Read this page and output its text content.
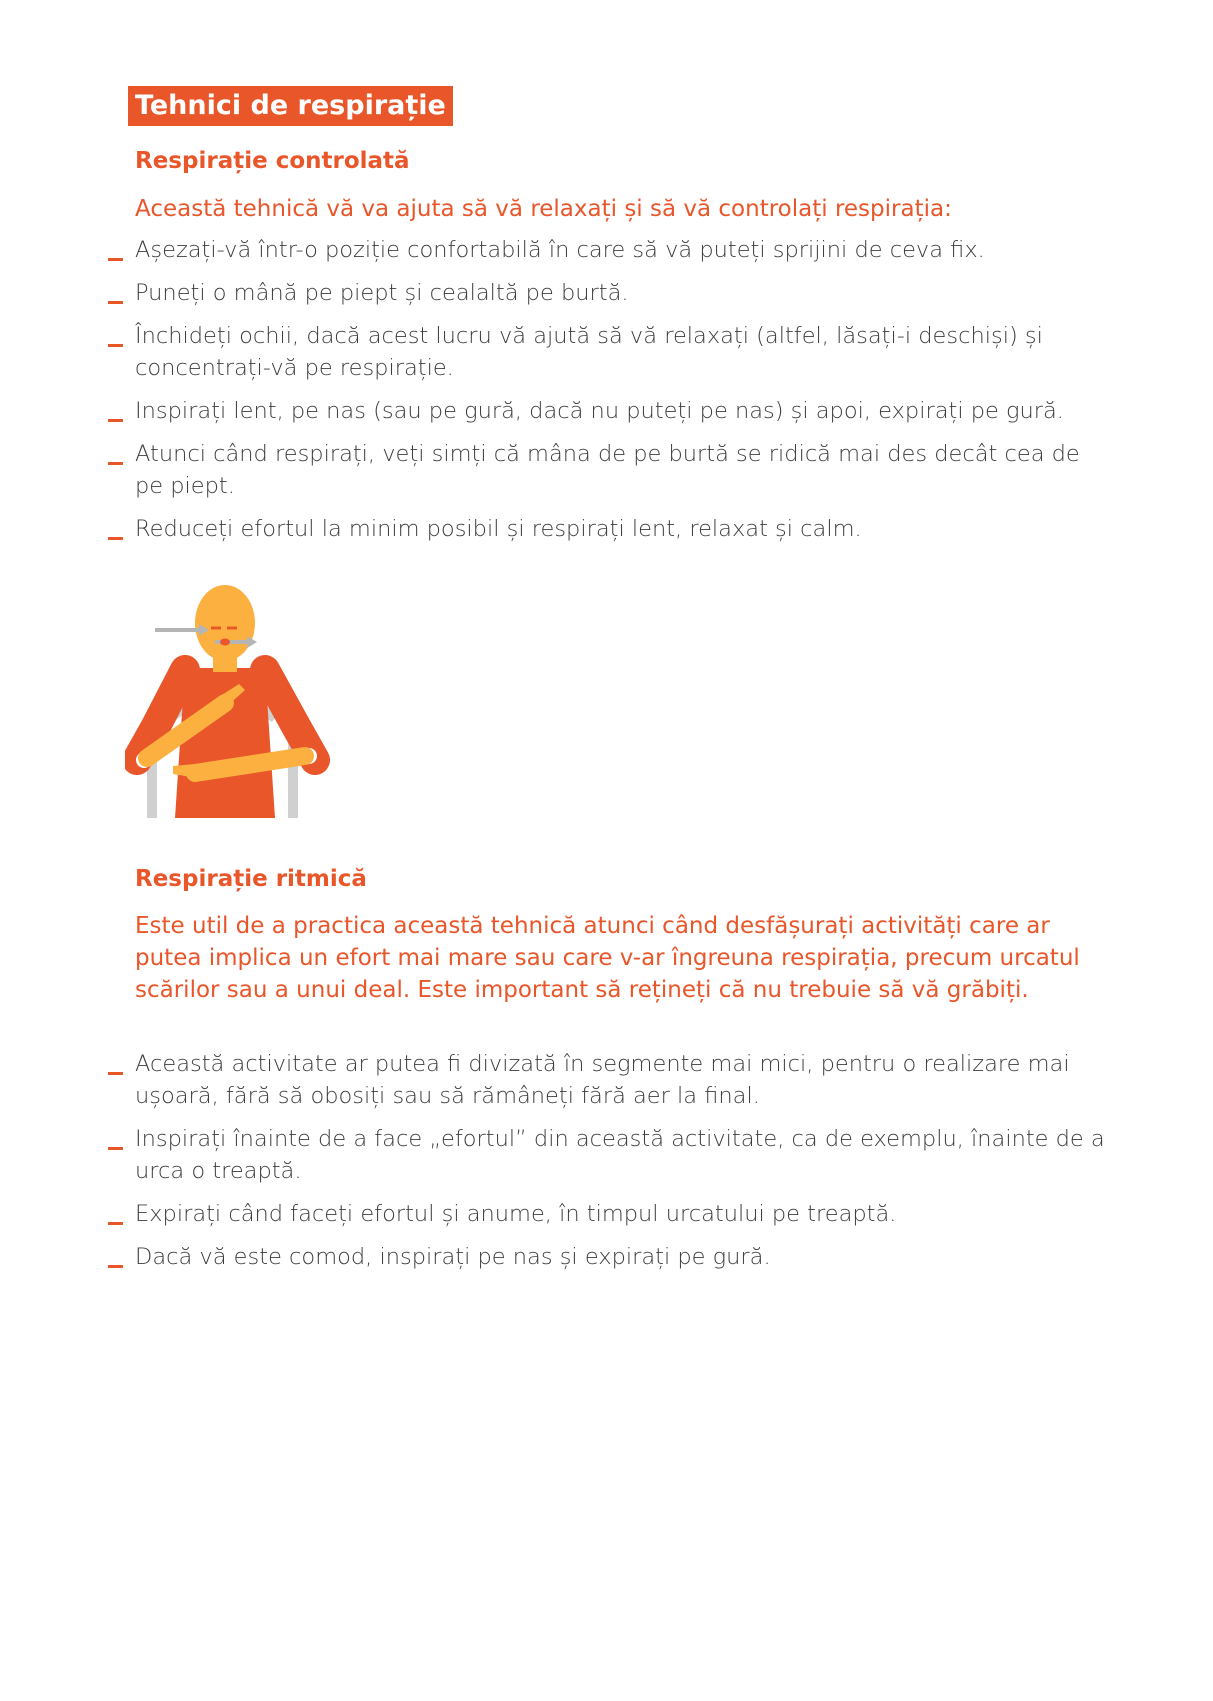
Tehnici de respirație
Respirație controlată
Această tehnică vă va ajuta să vă relaxați și să vă controlați respirația:
Așezați-vă într-o poziție confortabilă în care să vă puteți sprijini de ceva fix.
Puneți o mână pe piept și cealaltă pe burtă.
Închideți ochii, dacă acest lucru vă ajută să vă relaxați (altfel, lăsați-i deschiși) și concentrați-vă pe respirație.
Inspirați lent, pe nas (sau pe gură, dacă nu puteți pe nas) și apoi, expirați pe gură.
Atunci când respirați, veți simți că mâna de pe burtă se ridică mai des decât cea de pe piept.
Reduceți efortul la minim posibil și respirați lent, relaxat și calm.
Respirație ritmică
Este util de a practica această tehnică atunci când desfășurați activități care ar putea implica un efort mai mare sau care v-ar îngreuna respirația, precum urcatul scărilor sau a unui deal. Este important să rețineți că nu trebuie să vă grăbiți.
Această activitate ar putea fi divizată în segmente mai mici, pentru o realizare mai ușoară, fără să obosiți sau să rămâneți fără aer la final.
Inspirați înainte de a face „efortul” din această activitate, ca de exemplu, înainte de a urca o treaptă.
Expirați când faceți efortul și anume, în timpul urcatului pe treaptă.
Dacă vă este comod, inspirați pe nas și expirați pe gură.
